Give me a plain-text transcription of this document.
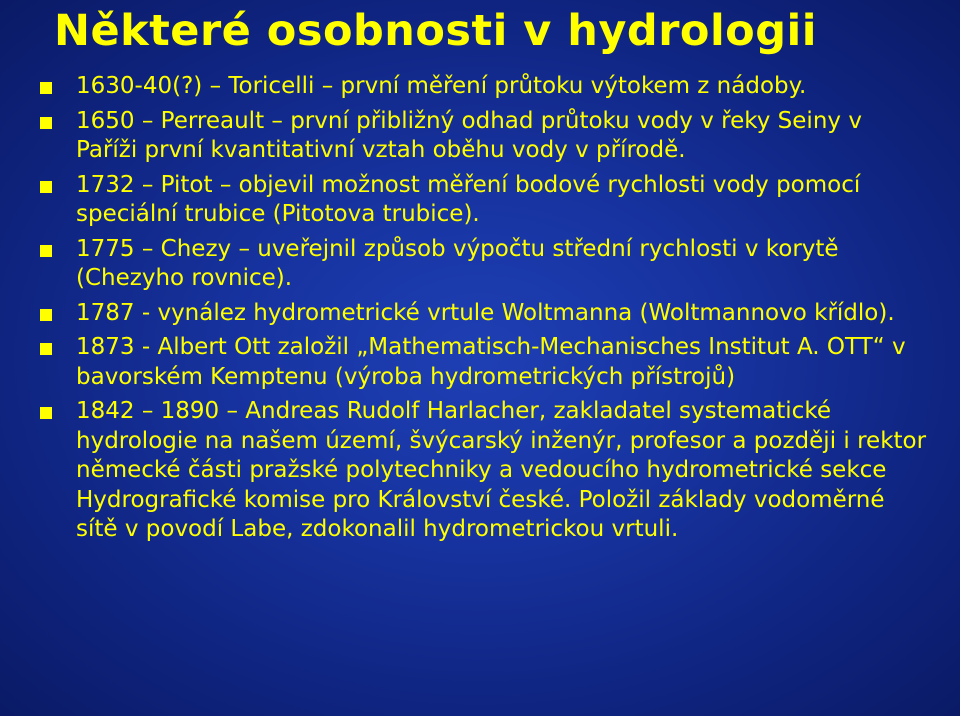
Některé osobnosti v hydrologii
1630-40(?) – Toricelli – první měření průtoku výtokem z nádoby.
1650 – Perreault – první přibližný odhad průtoku vody v řeky Seiny v Paříži první kvantitativní vztah oběhu vody v přírodě.
1732 – Pitot – objevil možnost měření bodové rychlosti vody pomocí speciální trubice (Pitotova trubice).
1775 – Chezy – uveřejnil způsob výpočtu střední rychlosti v korytě (Chezyho rovnice).
1787 - vynález hydrometrické vrtule Woltmanna (Woltmannovo křídlo).
1873 - Albert Ott založil „Mathematisch-Mechanisches Institut A. OTT“ v bavorském Kemptenu (výroba hydrometrických přístrojů)
1842 – 1890 – Andreas Rudolf Harlacher, zakladatel systematické hydrologie na našem území, švýcarský inženýr, profesor a později i rektor německé části pražské polytechniky a vedoucího hydrometrické sekce Hydrografické komise pro Království české. Položil základy vodoměrné sítě v povodí Labe, zdokonalil hydrometrickou vrtuli.
